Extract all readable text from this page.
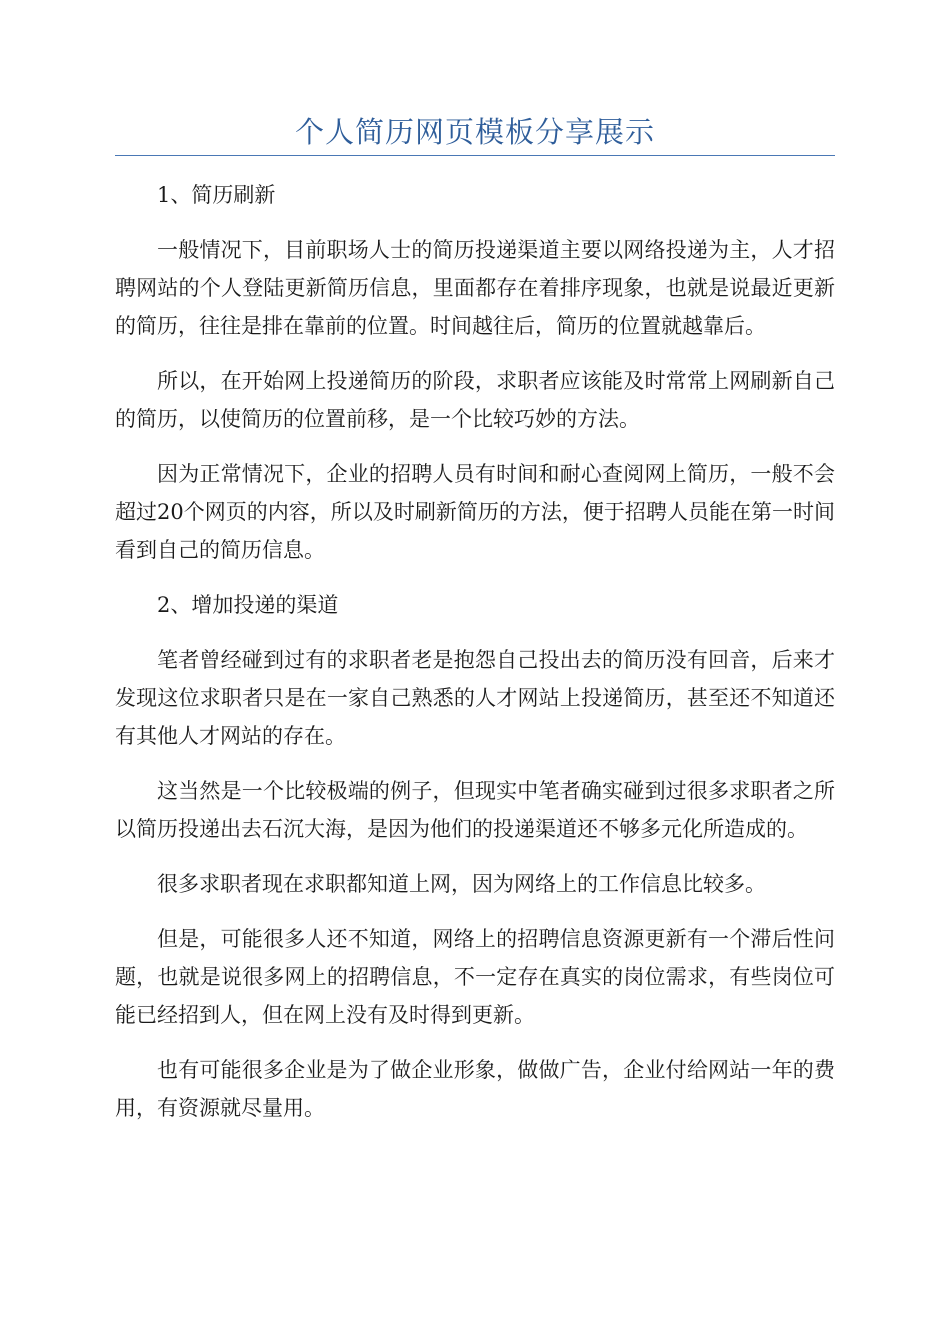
个人简历网页模板分享展示

1、简历刷新

一般情况下，目前职场人士的简历投递渠道主要以网络投递为主，人才招聘网站的个人登陆更新简历信息，里面都存在着排序现象，也就是说最近更新的简历，往往是排在靠前的位置。时间越往后，简历的位置就越靠后。

所以，在开始网上投递简历的阶段，求职者应该能及时常常上网刷新自己的简历，以使简历的位置前移，是一个比较巧妙的方法。

因为正常情况下，企业的招聘人员有时间和耐心查阅网上简历，一般不会超过20个网页的内容，所以及时刷新简历的方法，便于招聘人员能在第一时间看到自己的简历信息。

2、增加投递的渠道

笔者曾经碰到过有的求职者老是抱怨自己投出去的简历没有回音，后来才发现这位求职者只是在一家自己熟悉的人才网站上投递简历，甚至还不知道还有其他人才网站的存在。

这当然是一个比较极端的例子，但现实中笔者确实碰到过很多求职者之所以简历投递出去石沉大海，是因为他们的投递渠道还不够多元化所造成的。

很多求职者现在求职都知道上网，因为网络上的工作信息比较多。

但是，可能很多人还不知道，网络上的招聘信息资源更新有一个滞后性问题，也就是说很多网上的招聘信息，不一定存在真实的岗位需求，有些岗位可能已经招到人，但在网上没有及时得到更新。

也有可能很多企业是为了做企业形象，做做广告，企业付给网站一年的费用，有资源就尽量用。
